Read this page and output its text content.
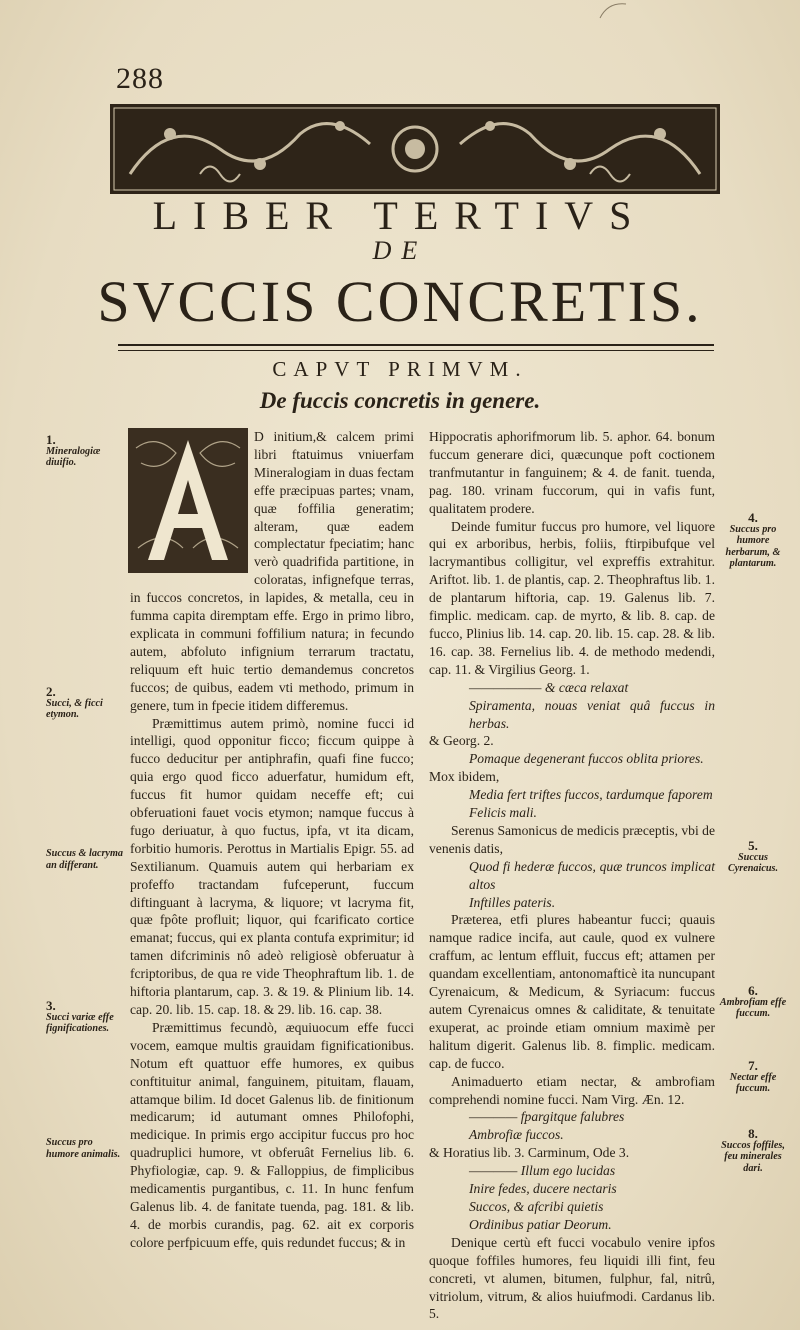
288
LIBER TERTIVS
DE
SVCCIS CONCRETIS.
CAPVT PRIMVM.
De fuccis concretis in genere.
1.
Mineralogiæ diuifio.
2.
Succi, & ficci etymon.
Succus & lacryma an differant.
3.
Succi variæ effe fignificationes.
Succus pro humore animalis.
4.
Succus pro humore herbarum, & plantarum.
5.
Succus Cyrenaicus.
6.
Ambrofiam effe fuccum.
7.
Nectar effe fuccum.
8.
Succos foffiles, feu minerales dari.

D initium,& calcem primi libri ftatuimus vniuerfam Mineralogiam in duas fectam effe præcipuas partes; vnam, quæ foffilia generatim; alteram, quæ eadem complectatur fpeciatim; hanc verò quadrifida partitione, in coloratas, infignefque terras, in fuccos concretos, in lapides, & metalla, ceu in fumma capita diremptam effe. Ergo in primo libro, explicata in communi foffilium natura; in fecundo autem, abfoluto infignium terrarum tractatu, reliquum eft huic tertio demandemus concretos fuccos; de quibus, eadem vti methodo, primum in genere, tum in fpecie itidem differemus.

Præmittimus autem primò, nomine fucci id intelligi, quod opponitur ficco; ficcum quippe à fucco deducitur per antiphrafin, quafi fine fucco; quia ergo quod ficco aduerfatur, humidum eft, fuccus fit humor quidam neceffe eft; cui obferuationi fauet vocis etymon; namque fuccus à fugo deriuatur, à quo fuctus, ipfa, vt ita dicam, forbitio humoris. Perottus in Martialis Epigr. 55. ad Sextilianum. Quamuis autem qui herbariam ex profeffo tractandam fufceperunt, fuccum diftinguant à lacryma, & liquore; vt lacryma fit, quæ fpôte profluit; liquor, qui fcarificato cortice emanat; fuccus, qui ex planta contufa exprimitur; id tamen difcriminis nô adeò religiosè obferuatur à fcriptoribus, de qua re vide Theophraftum lib. 1. de hiftoria plantarum, cap. 3. & 19. & Plinium lib. 14. cap. 20. lib. 15. cap. 18. & 29. lib. 16. cap. 38.

Præmittimus fecundò, æquiuocum effe fucci vocem, eamque multis grauidam fignificationibus. Notum eft quattuor effe humores, ex quibus conftituitur animal, fanguinem, pituitam, flauam, attamque bilim. Id docet Galenus lib. de finitionum medicarum; id autumant omnes Philofophi, medicique. In primis ergo accipitur fuccus pro hoc quadruplici humore, vt obferuât Fernelius lib. 6. Phyfiologiæ, cap. 9. & Falloppius, de fimplicibus medicamentis purgantibus, c. 11. In hunc fenfum Galenus lib. 4. de fanitate tuenda, pag. 181. & lib. 4. de morbis curandis, pag. 62. ait ex corporis colore perfpicuum effe, quis redundet fuccus; & in

Hippocratis aphorifmorum lib. 5. aphor. 64. bonum fuccum generare dici, quæcunque poft coctionem tranfmutantur in fanguinem; & 4. de fanit. tuenda, pag. 180. vrinam fuccorum, qui in vafis funt, qualitatem prodere.

Deinde fumitur fuccus pro humore, vel liquore qui ex arboribus, herbis, foliis, ftirpibufque vel lacrymantibus colligitur, vel expreffis extrahitur. Ariftot. lib. 1. de plantis, cap. 2. Theophraftus lib. 1. de plantarum hiftoria, cap. 19. Galenus lib. 7. fimplic. medicam. cap. de myrto, & lib. 8. cap. de fucco, Plinius lib. 14. cap. 20. lib. 15. cap. 28. & lib. 16. cap. 38. Fernelius lib. 4. de methodo medendi, cap. 11. & Virgilius Georg. 1.

—————— & cæca relaxat

Spiramenta, nouas veniat quâ fuccus in herbas.

& Georg. 2.

Pomaque degenerant fuccos oblita priores.

Mox ibidem,

Media fert triftes fuccos, tardumque faporem

Felicis mali.

Serenus Samonicus de medicis præceptis, vbi de venenis datis,

Quod fi hederæ fuccos, quæ truncos implicat altos

Inftilles pateris.

Præterea, etfi plures habeantur fucci; quauis namque radice incifa, aut caule, quod ex vulnere craffum, ac lentum effluit, fuccus eft; attamen per quandam excellentiam, antonomafticè ita nuncupant Cyrenaicum, & Medicum, & Syriacum: fuccus autem Cyrenaicus omnes & caliditate, & tenuitate exuperat, ac proinde etiam omnium maximè per halitum digerit. Galenus lib. 8. fimplic. medicam. cap. de fucco.

Animaduerto etiam nectar, & ambrofiam comprehendi nomine fucci. Nam Virg. Æn. 12.

———— fpargitque falubres

Ambrofiæ fuccos.

& Horatius lib. 3. Carminum, Ode 3.

———— Illum ego lucidas

Inire fedes, ducere nectaris

Succos, & afcribi quietis

Ordinibus patiar Deorum.

Denique certù eft fucci vocabulo venire ipfos quoque foffiles humores, feu liquidi illi fint, feu concreti, vt alumen, bitumen, fulphur, fal, nitrû, vitriolum, vitrum, & alios huiufmodi. Cardanus lib. 5.
